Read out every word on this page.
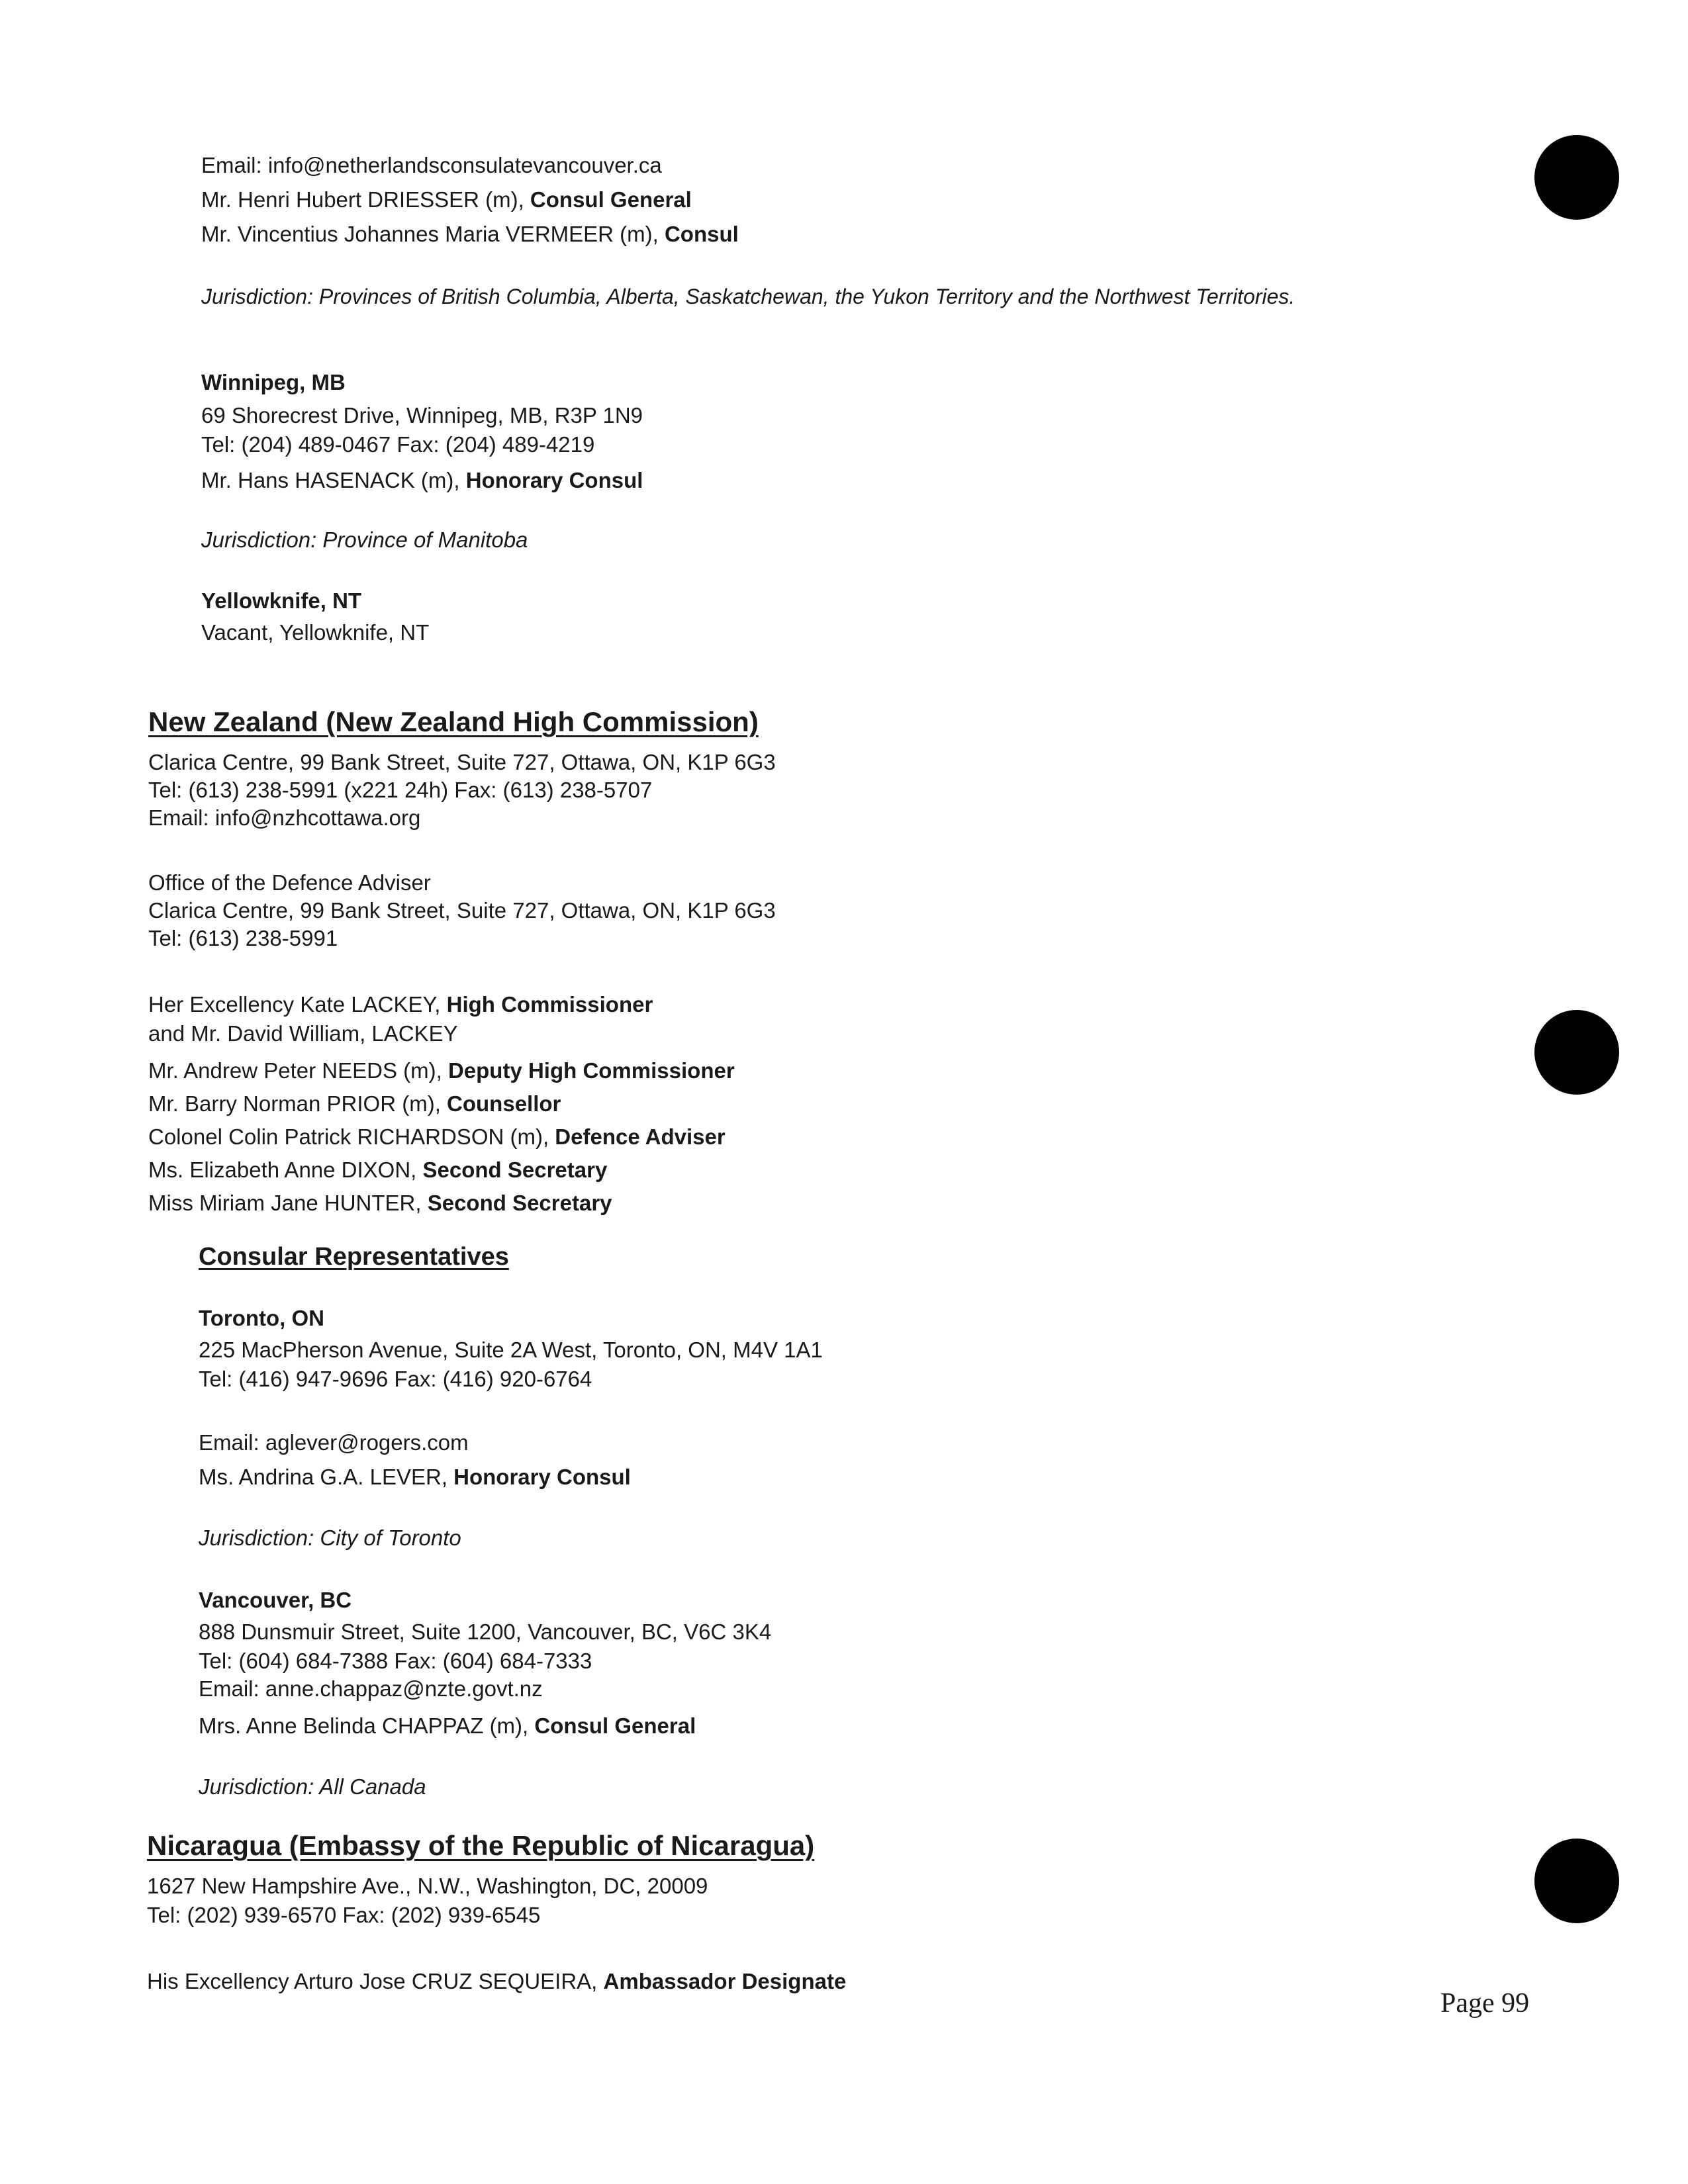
Email: info@netherlandsconsulatevancouver.ca
Mr. Henri Hubert DRIESSER (m), Consul General
Mr. Vincentius Johannes Maria VERMEER (m), Consul
Jurisdiction: Provinces of British Columbia, Alberta, Saskatchewan, the Yukon Territory and the Northwest Territories.
Winnipeg, MB
69 Shorecrest Drive, Winnipeg, MB, R3P 1N9
Tel: (204) 489-0467 Fax: (204) 489-4219
Mr. Hans HASENACK (m), Honorary Consul
Jurisdiction: Province of Manitoba
Yellowknife, NT
Vacant, Yellowknife, NT
New Zealand (New Zealand High Commission)
Clarica Centre, 99 Bank Street, Suite 727, Ottawa, ON, K1P 6G3
Tel: (613) 238-5991 (x221 24h) Fax: (613) 238-5707
Email: info@nzhcottawa.org
Office of the Defence Adviser
Clarica Centre, 99 Bank Street, Suite 727, Ottawa, ON, K1P 6G3
Tel: (613) 238-5991
Her Excellency Kate LACKEY, High Commissioner
and Mr. David William, LACKEY
Mr. Andrew Peter NEEDS (m), Deputy High Commissioner
Mr. Barry Norman PRIOR (m), Counsellor
Colonel Colin Patrick RICHARDSON (m), Defence Adviser
Ms. Elizabeth Anne DIXON, Second Secretary
Miss Miriam Jane HUNTER, Second Secretary
Consular Representatives
Toronto, ON
225 MacPherson Avenue, Suite 2A West, Toronto, ON, M4V 1A1
Tel: (416) 947-9696 Fax: (416) 920-6764
Email: aglever@rogers.com
Ms. Andrina G.A. LEVER, Honorary Consul
Jurisdiction: City of Toronto
Vancouver, BC
888 Dunsmuir Street, Suite 1200, Vancouver, BC, V6C 3K4
Tel: (604) 684-7388 Fax: (604) 684-7333
Email: anne.chappaz@nzte.govt.nz
Mrs. Anne Belinda CHAPPAZ (m), Consul General
Jurisdiction: All Canada
Nicaragua (Embassy of the Republic of Nicaragua)
1627 New Hampshire Ave., N.W., Washington, DC, 20009
Tel: (202) 939-6570 Fax: (202) 939-6545
His Excellency Arturo Jose CRUZ SEQUEIRA, Ambassador Designate
Page 99
